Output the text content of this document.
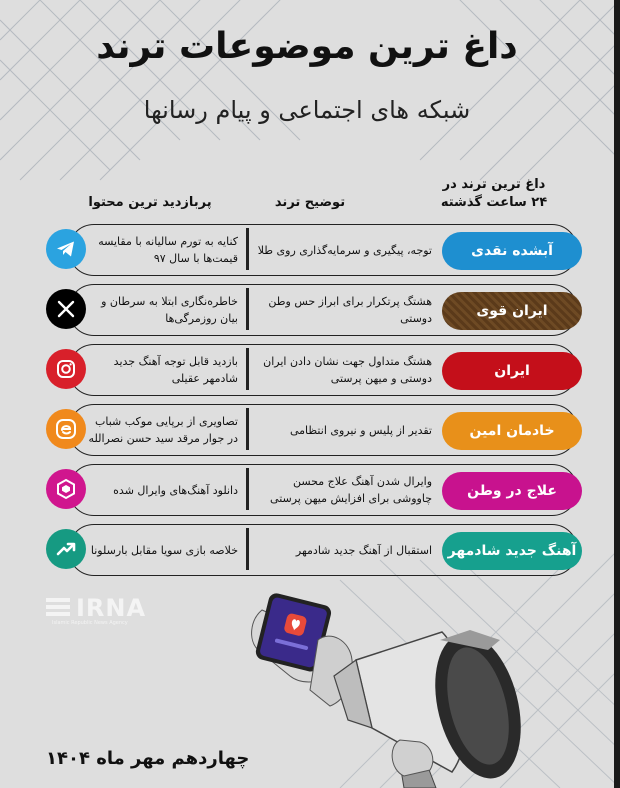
داغ ترین موضوعات ترند
شبکه های اجتماعی و پیام رسانها
داغ ترین ترند در ۲۴ ساعت گذشته
توضیح ترند
پربازدید ترین محتوا
آبشده نقدی
توجه، پیگیری و سرمایه‌گذاری روی طلا
کنایه به تورم سالیانه با مقایسه قیمت‌ها با سال ۹۷
ایران قوی
هشتگ پرتکرار برای ابراز حس وطن دوستی
خاطره‌نگاری ابتلا به سرطان و بیان روزمرگی‌ها
ایران
هشتگ متداول جهت نشان دادن ایران دوستی و میهن پرستی
بازدید قابل توجه آهنگ جدید شادمهر عقیلی
خادمان امین
تقدیر از پلیس و نیروی انتظامی
تصاویری از برپایی موکب شباب در جوار مرقد سید حسن نصرالله
علاج در وطن
وایرال شدن آهنگ علاج محسن چاووشی برای افزایش میهن پرستی
دانلود آهنگ‌های وایرال شده
آهنگ جدید شادمهر
استقبال از آهنگ جدید شادمهر
خلاصه بازی سویا مقابل بارسلونا
IRNA
Islamic Republic News Agency
چهاردهم مهر ماه ۱۴۰۴
